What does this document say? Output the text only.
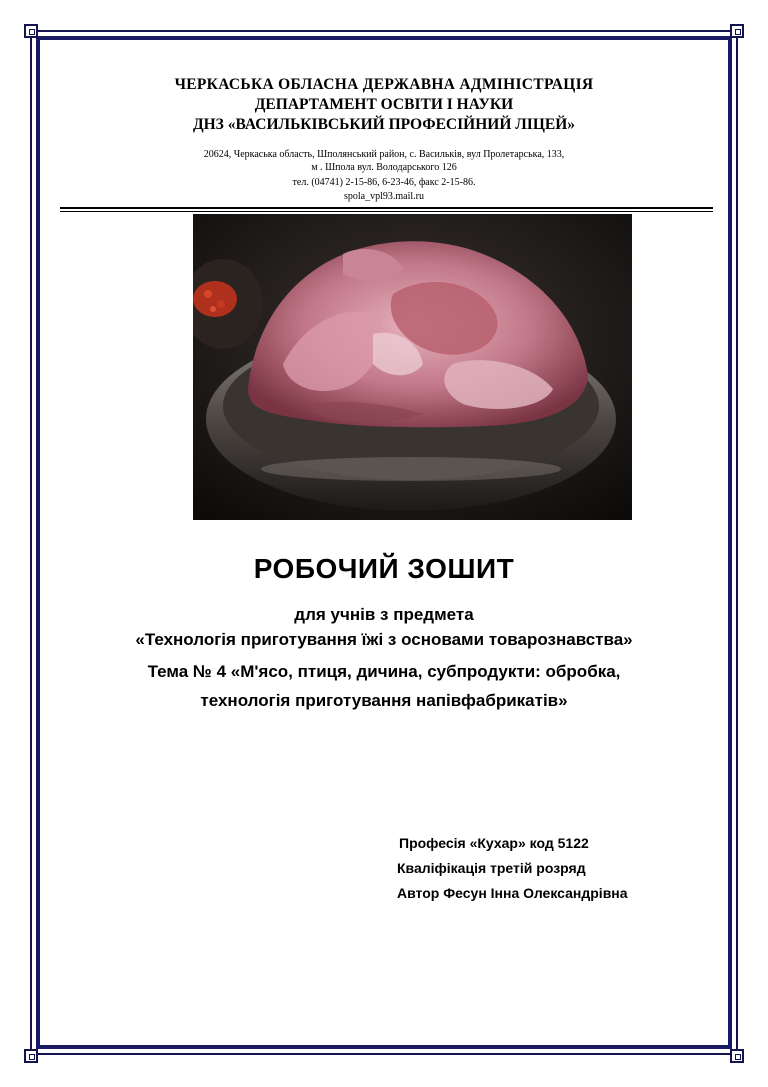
ЧЕРКАСЬКА ОБЛАСНА ДЕРЖАВНА АДМІНІСТРАЦІЯ
ДЕПАРТАМЕНТ ОСВІТИ І НАУКИ
ДНЗ «ВАСИЛЬКІВСЬКИЙ ПРОФЕСІЙНИЙ ЛІЦЕЙ»
20624, Черкаська область, Шполянський район, с. Васильків, вул Пролетарська, 133,
м . Шпола вул. Володарського 126
тел. (04741) 2-15-86, 6-23-46, факс 2-15-86.
spola_vpl93.mail.ru
РОБОЧИЙ ЗОШИТ
для учнів з предмета
«Технологія приготування їжі з основами товарознавства»
Тема № 4 «М'ясо, птиця, дичина, субпродукти: обробка,
технологія приготування напівфабрикатів»
Професія «Кухар» код 5122
Кваліфікація третій розряд
Автор Фесун Інна Олександрівна
